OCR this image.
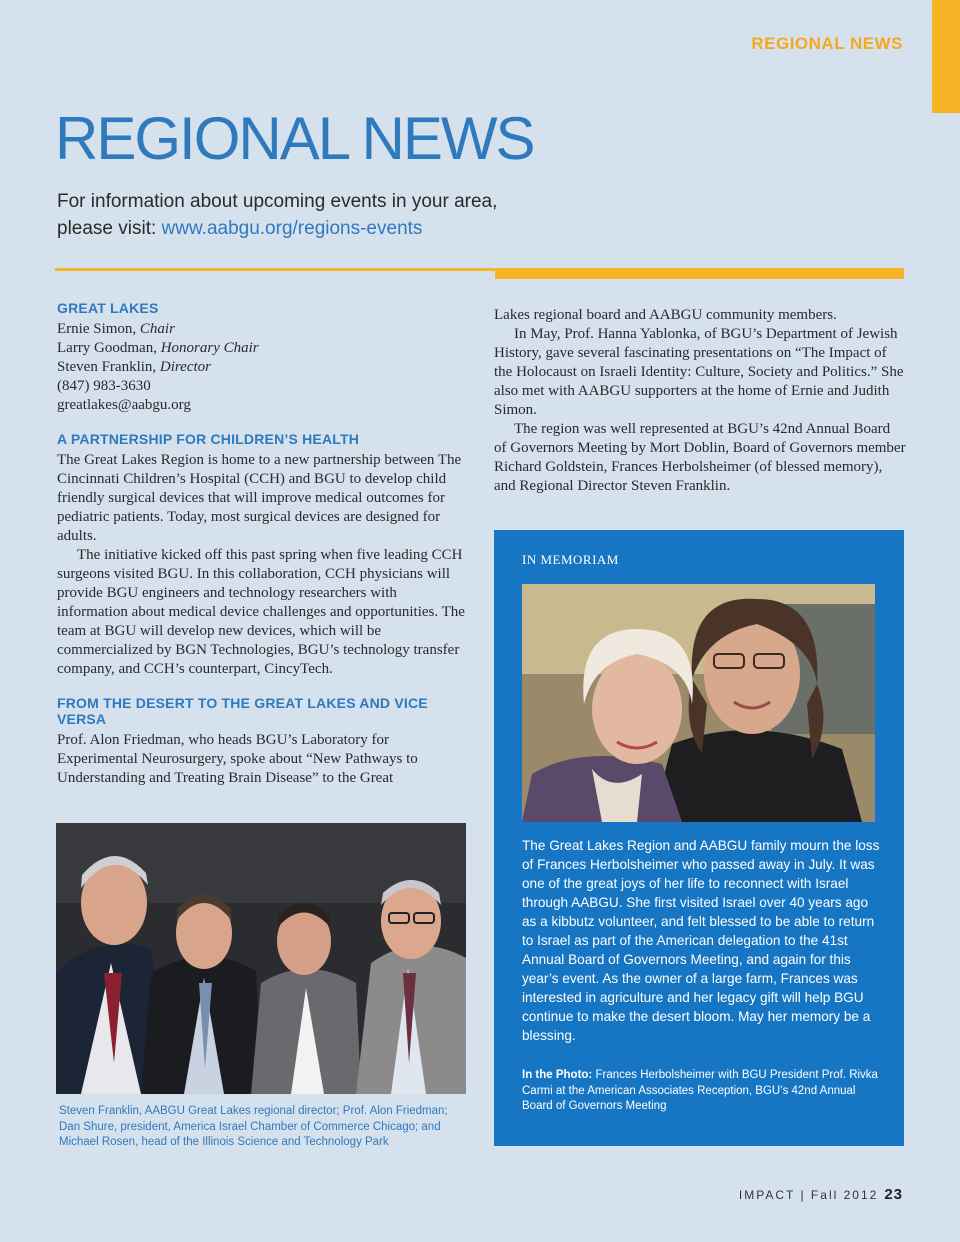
REGIONAL NEWS
REGIONAL NEWS
For information about upcoming events in your area,
please visit: www.aabgu.org/regions-events
GREAT LAKES

Ernie Simon, Chair

Larry Goodman, Honorary Chair

Steven Franklin, Director

(847) 983-3630

greatlakes@aabgu.org

A PARTNERSHIP FOR CHILDREN’S HEALTH

The Great Lakes Region is home to a new partnership between The Cincinnati Children’s Hospital (CCH) and BGU to develop child friendly surgical devices that will improve medical outcomes for pediatric patients. Today, most surgical devices are designed for adults.

The initiative kicked off this past spring when five leading CCH surgeons visited BGU. In this collaboration, CCH physicians will provide BGU engineers and technology researchers with information about medical device challenges and opportunities. The team at BGU will develop new devices, which will be commercialized by BGN Technologies, BGU’s technology transfer company, and CCH’s counterpart, CincyTech.

FROM THE DESERT TO THE GREAT LAKES AND VICE VERSA

Prof. Alon Friedman, who heads BGU’s Laboratory for Experimental Neurosurgery, spoke about “New Pathways to Understanding and Treating Brain Disease” to the Great

Steven Franklin, AABGU Great Lakes regional director; Prof. Alon Friedman; Dan Shure, president, America Israel Chamber of Commerce Chicago; and Michael Rosen, head of the Illinois Science and Technology Park

Lakes regional board and AABGU community members.

In May, Prof. Hanna Yablonka, of BGU’s Department of Jewish History, gave several fascinating presentations on “The Impact of the Holocaust on Israeli Identity: Culture, Society and Politics.” She also met with AABGU supporters at the home of Ernie and Judith Simon.

The region was well represented at BGU’s 42nd Annual Board of Governors Meeting by Mort Doblin, Board of Governors member Richard Goldstein, Frances Herbolsheimer (of blessed memory), and Regional Director Steven Franklin.

IN MEMORIAM
The Great Lakes Region and AABGU family mourn the loss of Frances Herbolsheimer who passed away in July. It was one of the great joys of her life to reconnect with Israel through AABGU. She first visited Israel over 40 years ago as a kibbutz volunteer, and felt blessed to be able to return to Israel as part of the American delegation to the 41st Annual Board of Governors Meeting, and again for this year’s event. As the owner of a large farm, Frances was interested in agriculture and her legacy gift will help BGU continue to make the desert bloom. May her memory be a blessing.
In the Photo: Frances Herbolsheimer with BGU President Prof. Rivka Carmi at the American Associates Reception, BGU’s 42nd Annual Board of Governors Meeting
IMPACT | Fall 2012 23
